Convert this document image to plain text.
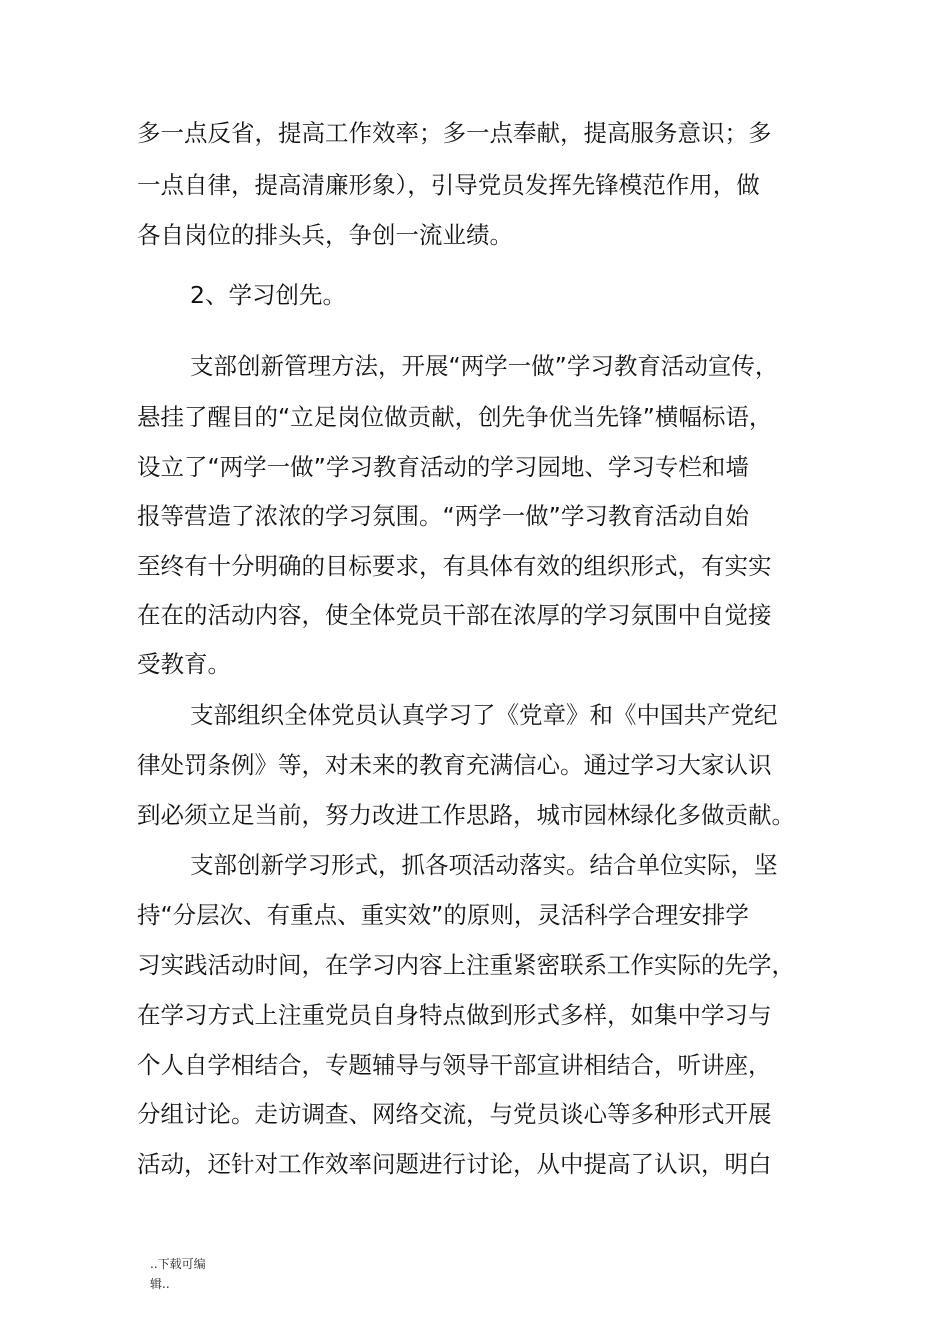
多一点反省，提高工作效率；多一点奉献，提高服务意识；多
一点自律，提高清廉形象），引导党员发挥先锋模范作用，做
各自岗位的排头兵，争创一流业绩。
2、学习创先。
支部创新管理方法，开展“两学一做”学习教育活动宣传，
悬挂了醒目的“立足岗位做贡献，创先争优当先锋”横幅标语，
设立了“两学一做”学习教育活动的学习园地、学习专栏和墙
报等营造了浓浓的学习氛围。“两学一做”学习教育活动自始
至终有十分明确的目标要求，有具体有效的组织形式，有实实
在在的活动内容，使全体党员干部在浓厚的学习氛围中自觉接
受教育。
支部组织全体党员认真学习了《党章》和《中国共产党纪
律处罚条例》等，对未来的教育充满信心。通过学习大家认识
到必须立足当前，努力改进工作思路，城市园林绿化多做贡献。
支部创新学习形式，抓各项活动落实。结合单位实际，坚
持“分层次、有重点、重实效”的原则，灵活科学合理安排学
习实践活动时间，在学习内容上注重紧密联系工作实际的先学，
在学习方式上注重党员自身特点做到形式多样，如集中学习与
个人自学相结合，专题辅导与领导干部宣讲相结合，听讲座，
分组讨论。走访调查、网络交流，与党员谈心等多种形式开展
活动，还针对工作效率问题进行讨论，从中提高了认识，明白
..下载可编
辑..
